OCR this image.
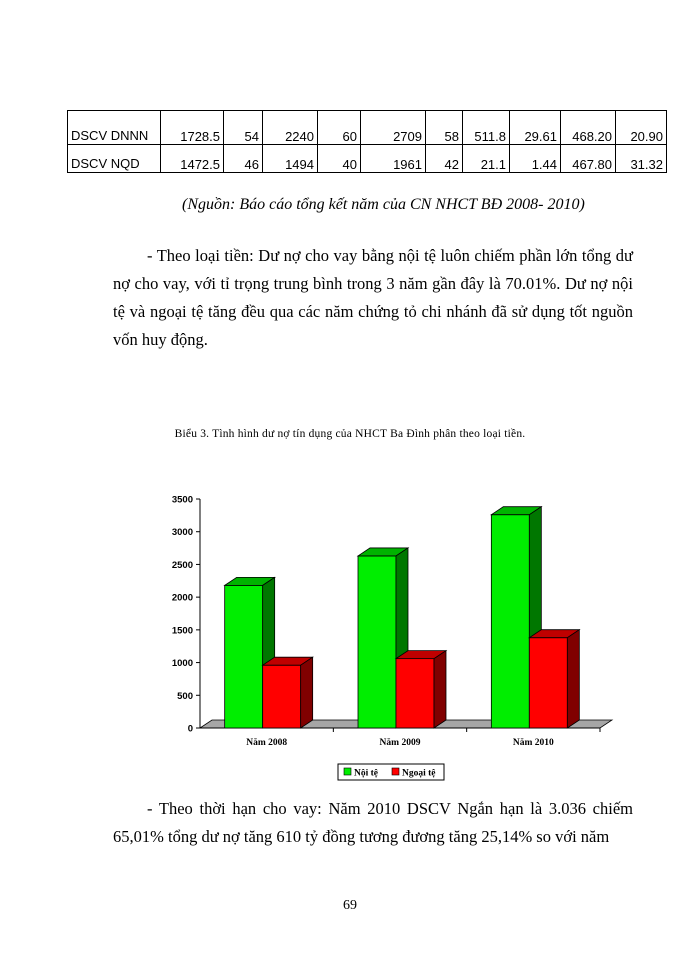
DSCV DNNN	1728.5	54	2240	60	2709	58	511.8	29.61	468.20	20.90
DSCV NQD	1472.5	46	1494	40	1961	42	21.1	1.44	467.80	31.32
(Nguồn: Báo cáo tổng kết năm của CN NHCT BĐ 2008- 2010)
- Theo loại tiền: Dư nợ cho vay bằng nội tệ luôn chiếm phần lớn tổng dư nợ cho vay, với tỉ trọng trung bình trong 3 năm gần đây là 70.01%. Dư nợ nội tệ và ngoại tệ tăng đều qua các năm chứng tỏ chi nhánh đã sử dụng tốt nguồn vốn huy động.
Biểu 3. Tình hình dư nợ tín dụng của NHCT Ba Đình phân theo loại tiền.
0
500
1000
1500
2000
2500
3000
3500
Năm 2008	Năm 2009	Năm 2010
Nội tệ	Ngoại tệ
- Theo thời hạn cho vay: Năm 2010 DSCV Ngắn hạn là 3.036 chiếm 65,01% tổng dư nợ tăng 610 tỷ đồng tương đương tăng 25,14% so với năm
69
